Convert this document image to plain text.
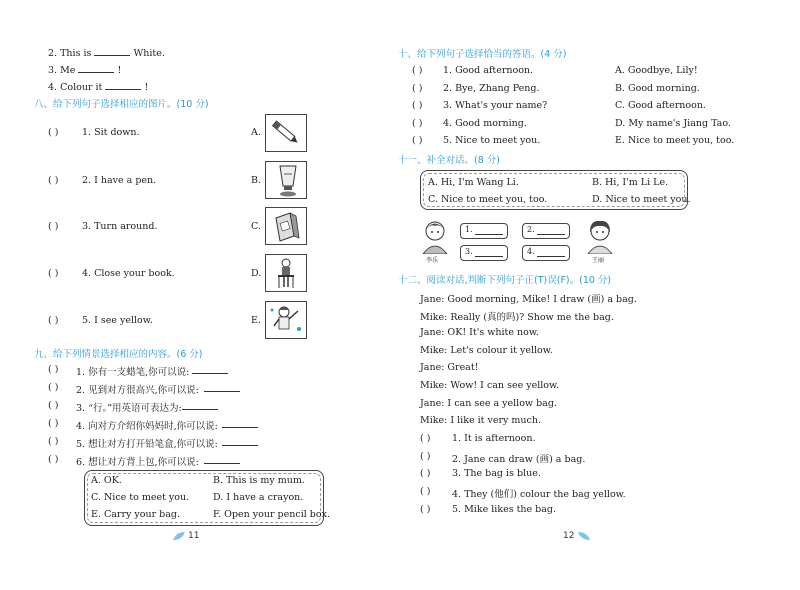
2. This is	White.
3. Me	!
4. Colour it	!
八、给下列句子选择相应的图片。(10 分)
( ) 1. Sit down.	A.
( ) 2. I have a pen.	B.
( ) 3. Turn around.	C.
( ) 4. Close your book.	D.
( ) 5. I see yellow.	E.
九、给下列情景选择相应的内容。(6 分)
( ) 1. 你有一支蜡笔,你可以说:
( ) 2. 见到对方很高兴,你可以说:
( ) 3. “行。”用英语可表达为:
( ) 4. 向对方介绍你妈妈时,你可以说:
( ) 5. 想让对方打开铅笔盒,你可以说:
( ) 6. 想让对方背上包,你可以说:
A. OK.	B. This is my mum.
C. Nice to meet you.	D. I have a crayon.
E. Carry your bag.	F. Open your pencil box.
11
十、给下列句子选择恰当的答语。(4 分)
( ) 1. Good afternoon.	A. Goodbye, Lily!
( ) 2. Bye, Zhang Peng.	B. Good morning.
( ) 3. What's your name?	C. Good afternoon.
( ) 4. Good morning.	D. My name's Jiang Tao.
( ) 5. Nice to meet you.	E. Nice to meet you, too.
十一、补全对话。(8 分)
A. Hi, I'm Wang Li.	B. Hi, I'm Li Le.
C. Nice to meet you, too.	D. Nice to meet you.
李乐
1.
3.
2.
4.
王丽
十二、阅读对话,判断下列句子正(T)误(F)。(10 分)
Jane: Good morning, Mike! I draw (画) a bag.
Mike: Really (真的吗)? Show me the bag.
Jane: OK! It's white now.
Mike: Let's colour it yellow.
Jane: Great!
Mike: Wow! I can see yellow.
Jane: I can see a yellow bag.
Mike: I like it very much.
( ) 1. It is afternoon.
( ) 2. Jane can draw (画) a bag.
( ) 3. The bag is blue.
( ) 4. They (他们) colour the bag yellow.
( ) 5. Mike likes the bag.
12
